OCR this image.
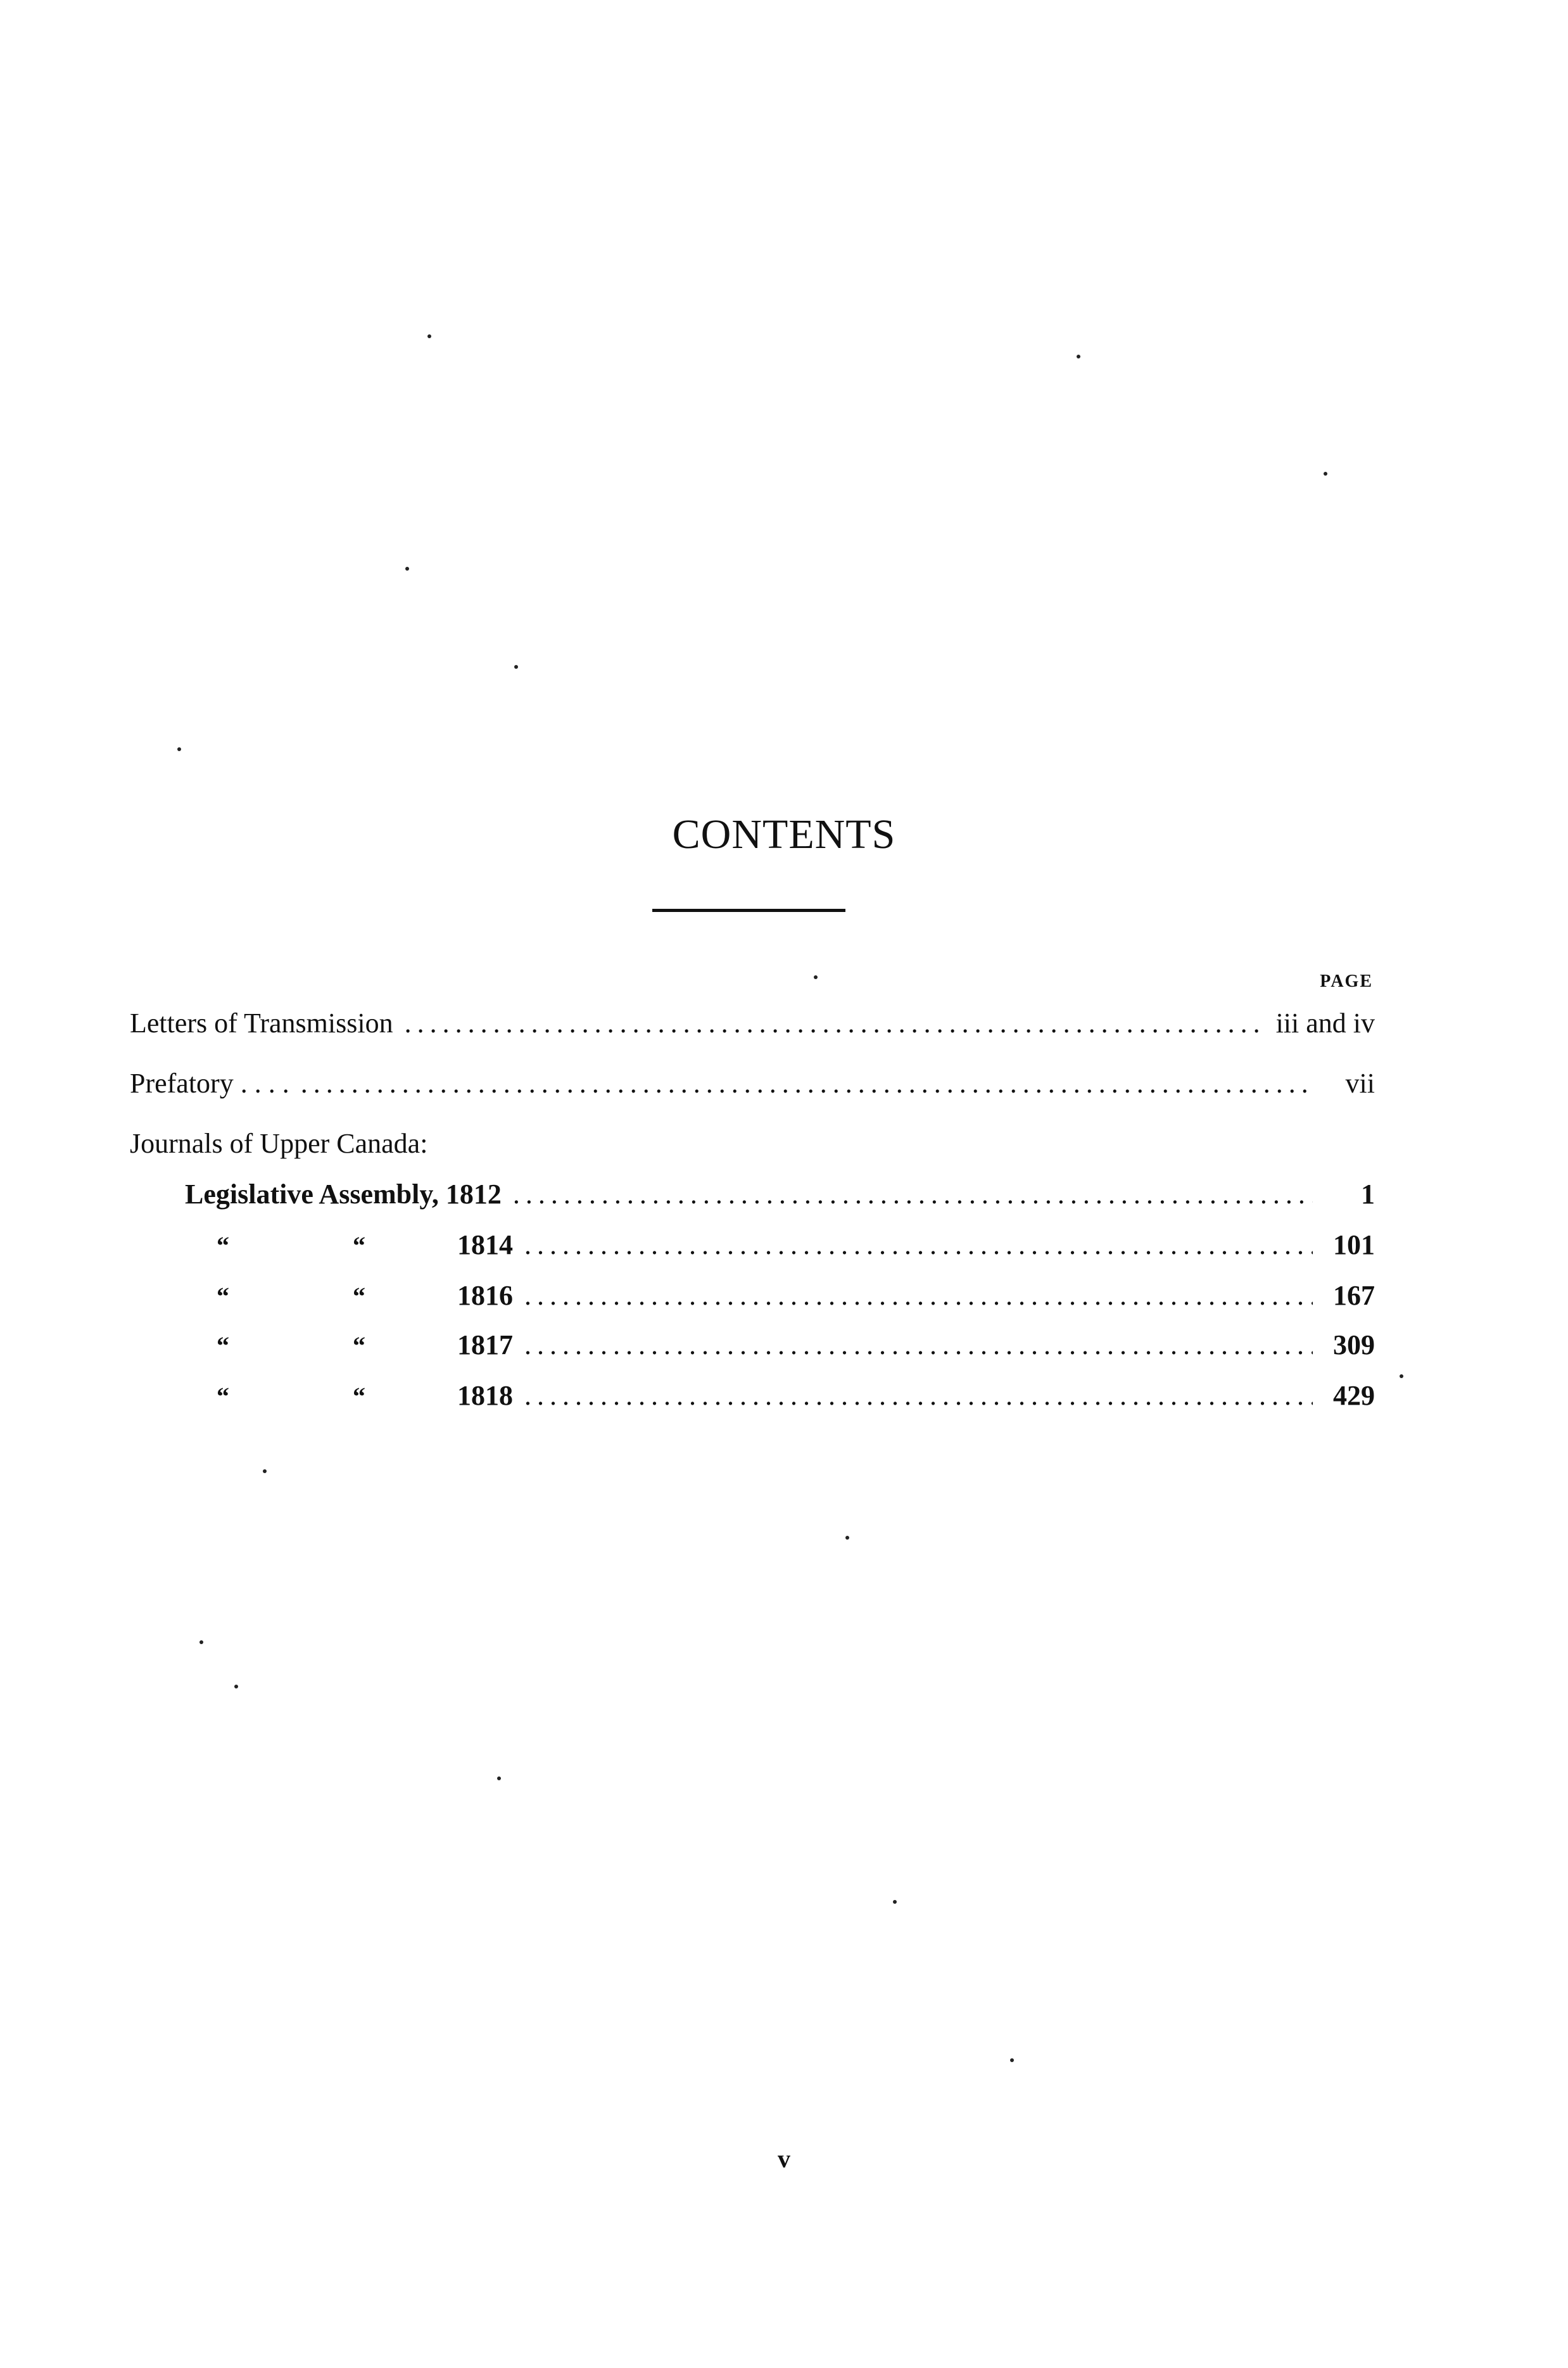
CONTENTS
PAGE
Letters of Transmission .....	iii and iv
Prefatory . . . . .....	vii
Journals of Upper Canada:
Legislative Assembly, 1812 .....	1
“	“	1814 .....	101
“	“	1816 .....	167
“	“	1817 .....	309
“	“	1818 .....	429
v
